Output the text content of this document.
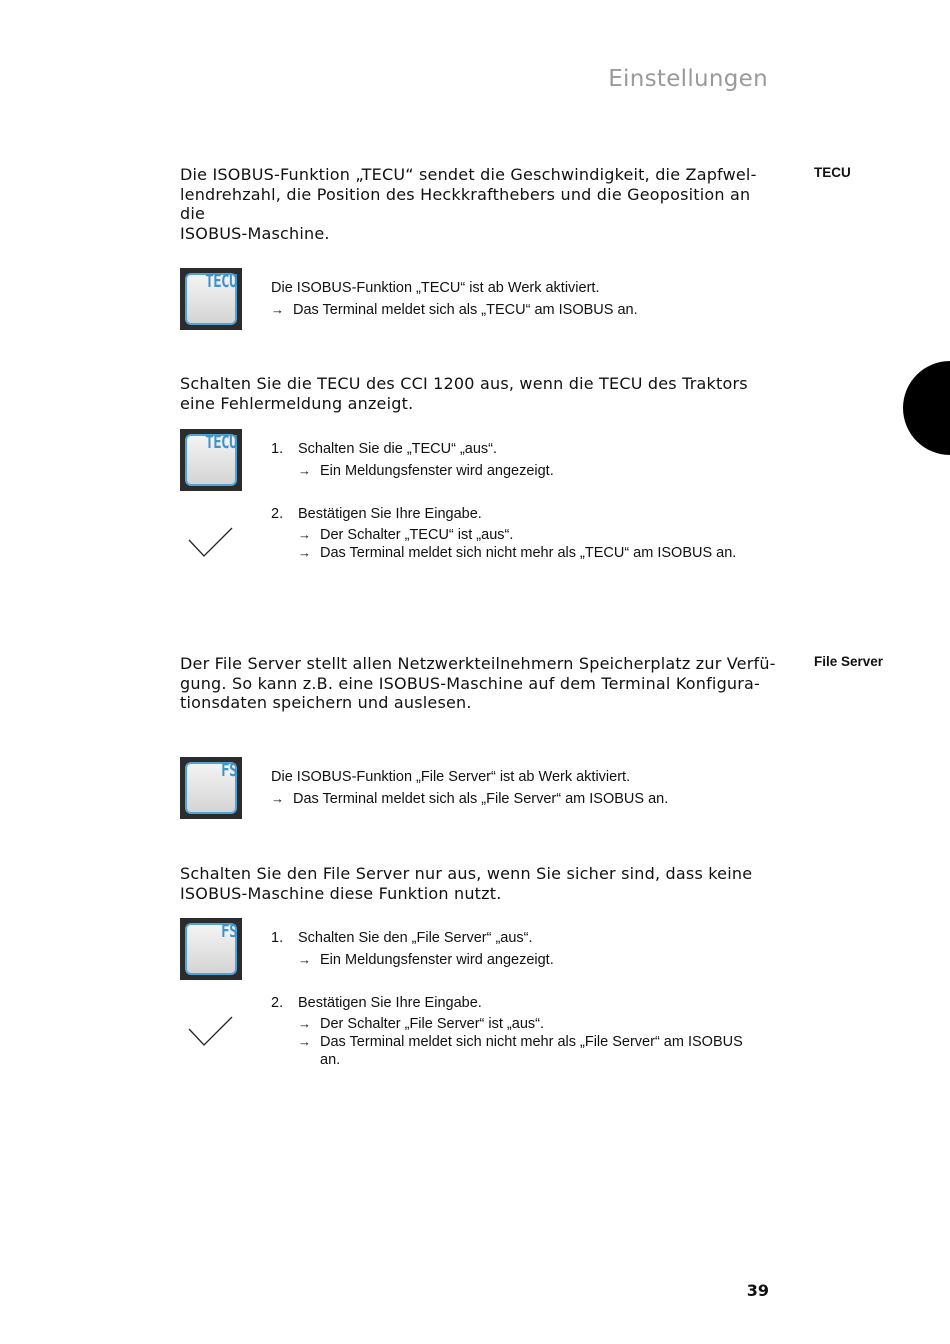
Einstellungen
TECU
Die ISOBUS-Funktion „TECU“ sendet die Geschwindigkeit, die Zapfwel-
lendrehzahl, die Position des Heckkrafthebers und die Geoposition an die
ISOBUS-Maschine.
TECU Die ISOBUS-Funktion „TECU“ ist ab Werk aktiviert.
→ Das Terminal meldet sich als „TECU“ am ISOBUS an.
Schalten Sie die TECU des CCI 1200 aus, wenn die TECU des Traktors
eine Fehlermeldung anzeigt.
TECU 1.	Schalten Sie die „TECU“ „aus“.
→ Ein Meldungsfenster wird angezeigt.
2.	Bestätigen Sie Ihre Eingabe.
→ Der Schalter „TECU“ ist „aus“.
→ Das Terminal meldet sich nicht mehr als „TECU“ am ISOBUS an.
File Server
Der File Server stellt allen Netzwerkteilnehmern Speicherplatz zur Verfü-
gung. So kann z.B. eine ISOBUS-Maschine auf dem Terminal Konfigura-
tionsdaten speichern und auslesen.
FS Die ISOBUS-Funktion „File Server“ ist ab Werk aktiviert.
→ Das Terminal meldet sich als „File Server“ am ISOBUS an.
Schalten Sie den File Server nur aus, wenn Sie sicher sind, dass keine
ISOBUS-Maschine diese Funktion nutzt.
FS 1.	Schalten Sie den „File Server“ „aus“.
→ Ein Meldungsfenster wird angezeigt.
2.	Bestätigen Sie Ihre Eingabe.
→ Der Schalter „File Server“ ist „aus“.
→ Das Terminal meldet sich nicht mehr als „File Server“ am ISOBUS an.
39
